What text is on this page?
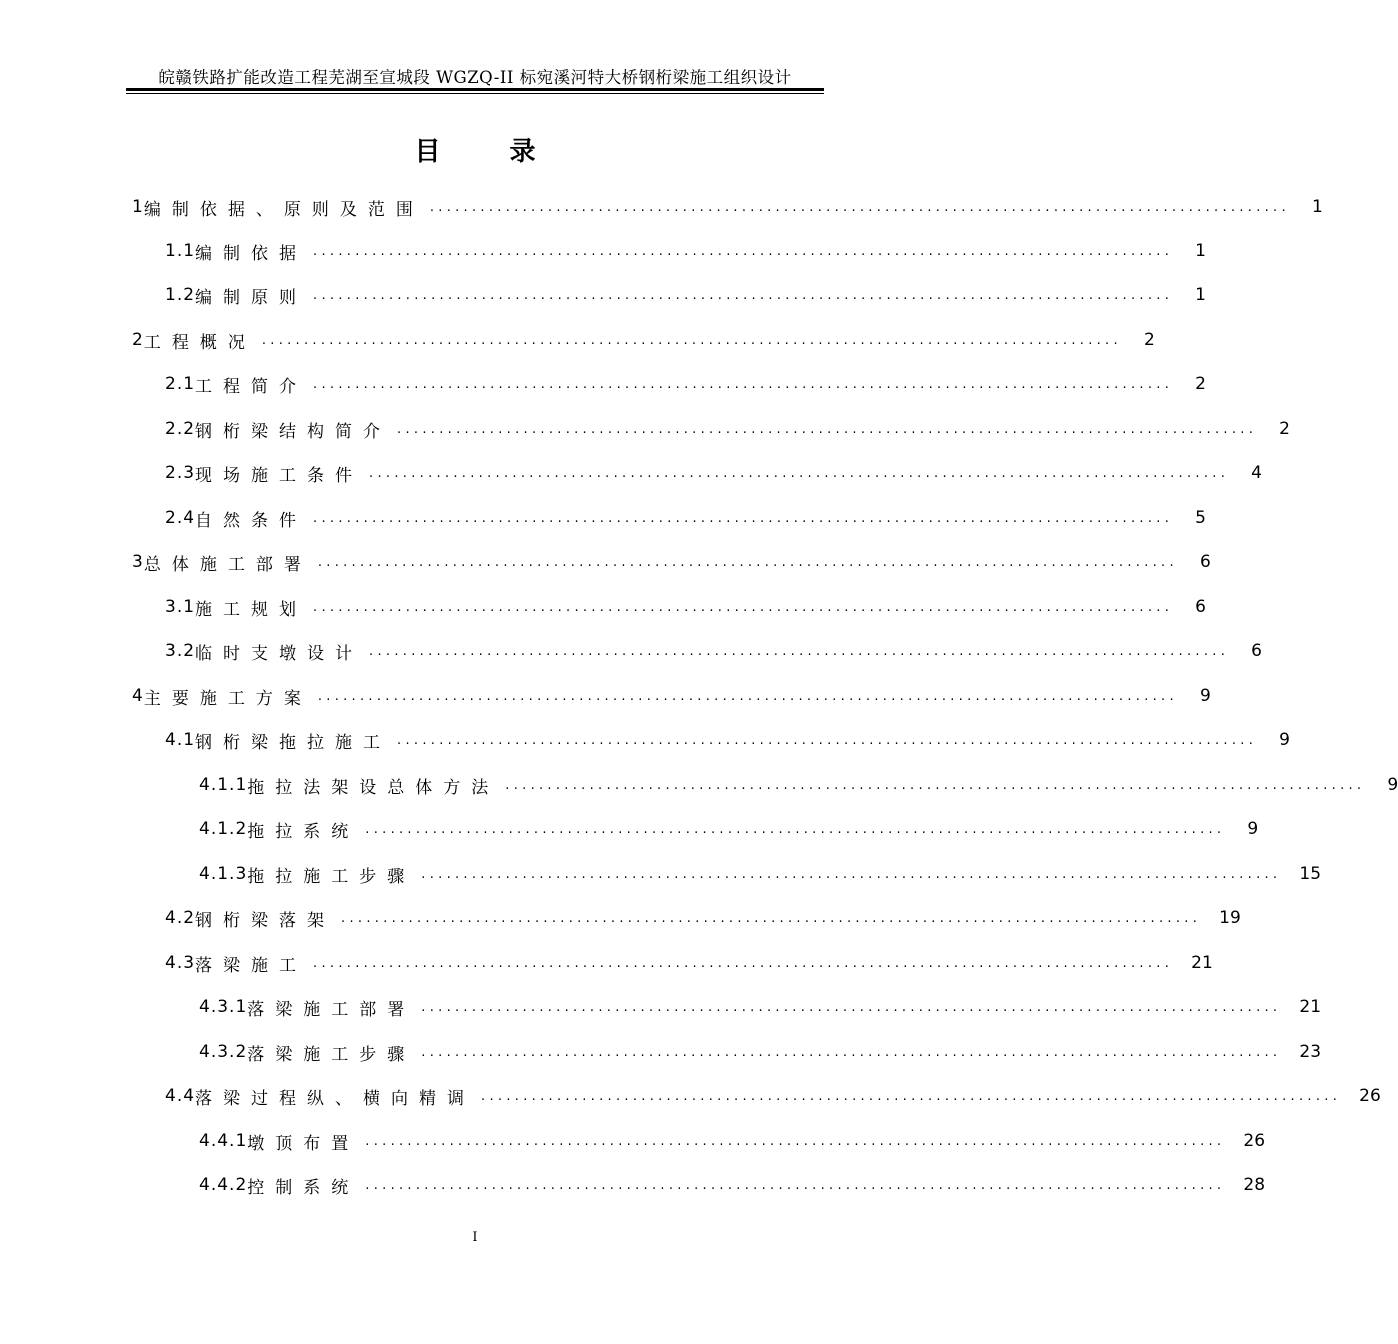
皖赣铁路扩能改造工程芜湖至宣城段 WGZQ-II 标宛溪河特大桥钢桁梁施工组织设计
目 录
1 编制依据、原则及范围 ...................................................................................................... 1
1.1 编制依据 ...................................................................................................... 1
1.2 编制原则 ...................................................................................................... 1
2 工程概况 ...................................................................................................... 2
2.1 工程简介 ...................................................................................................... 2
2.2 钢桁梁结构简介 ...................................................................................................... 2
2.3 现场施工条件 ...................................................................................................... 4
2.4 自然条件 ...................................................................................................... 5
3 总体施工部署 ...................................................................................................... 6
3.1 施工规划 ...................................................................................................... 6
3.2 临时支墩设计 ...................................................................................................... 6
4 主要施工方案 ...................................................................................................... 9
4.1 钢桁梁拖拉施工 ...................................................................................................... 9
4.1.1 拖拉法架设总体方法 ...................................................................................................... 9
4.1.2 拖拉系统 ...................................................................................................... 9
4.1.3 拖拉施工步骤 ...................................................................................................... 15
4.2 钢桁梁落架 ...................................................................................................... 19
4.3 落梁施工 ...................................................................................................... 21
4.3.1 落梁施工部署 ...................................................................................................... 21
4.3.2 落梁施工步骤 ...................................................................................................... 23
4.4 落梁过程纵、横向精调 ...................................................................................................... 26
4.4.1 墩顶布置 ...................................................................................................... 26
4.4.2 控制系统 ...................................................................................................... 28
I
